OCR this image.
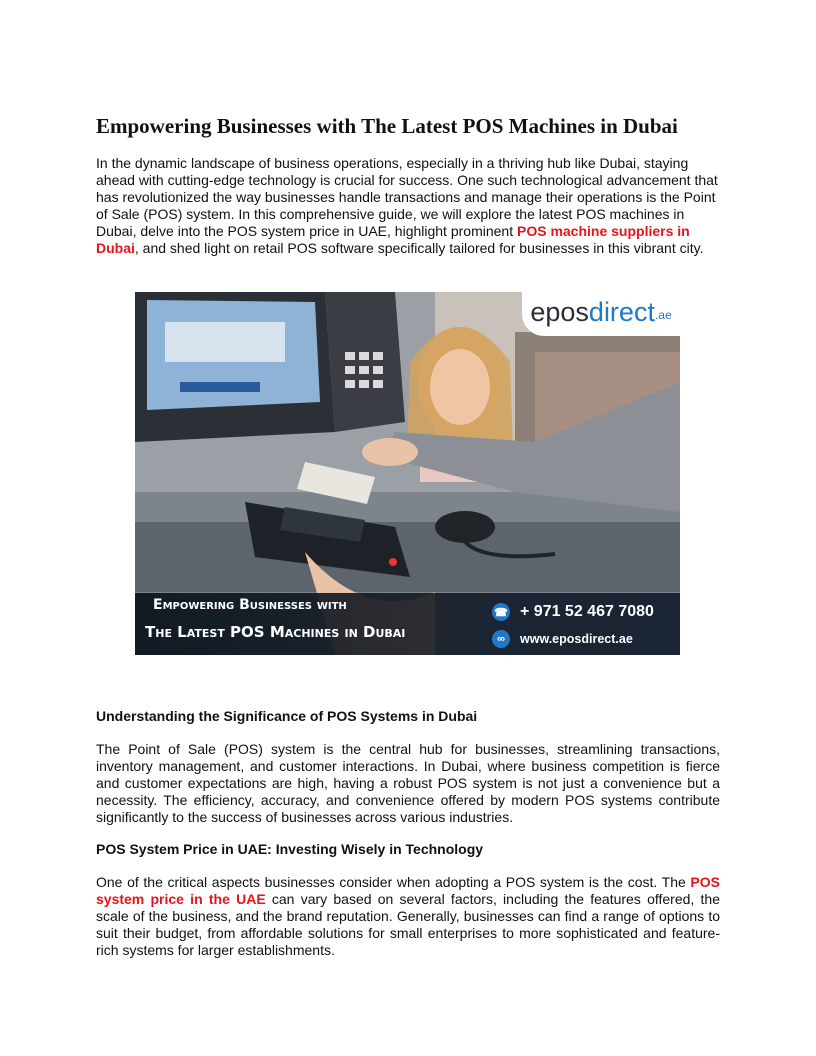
Empowering Businesses with The Latest POS Machines in Dubai

In the dynamic landscape of business operations, especially in a thriving hub like Dubai, staying ahead with cutting-edge technology is crucial for success. One such technological advancement that has revolutionized the way businesses handle transactions and manage their operations is the Point of Sale (POS) system. In this comprehensive guide, we will explore the latest POS machines in Dubai, delve into the POS system price in UAE, highlight prominent POS machine suppliers in Dubai, and shed light on retail POS software specifically tailored for businesses in this vibrant city.

Understanding the Significance of POS Systems in Dubai

The Point of Sale (POS) system is the central hub for businesses, streamlining transactions, inventory management, and customer interactions. In Dubai, where business competition is fierce and customer expectations are high, having a robust POS system is not just a convenience but a necessity. The efficiency, accuracy, and convenience offered by modern POS systems contribute significantly to the success of businesses across various industries.

POS System Price in UAE: Investing Wisely in Technology

One of the critical aspects businesses consider when adopting a POS system is the cost. The POS system price in the UAE can vary based on several factors, including the features offered, the scale of the business, and the brand reputation. Generally, businesses can find a range of options to suit their budget, from affordable solutions for small enterprises to more sophisticated and feature-rich systems for larger establishments.

eposdirect.ae
Empowering Businesses with
The Latest POS Machines in Dubai
☎ + 971 52 467 7080
∞	www.eposdirect.ae
